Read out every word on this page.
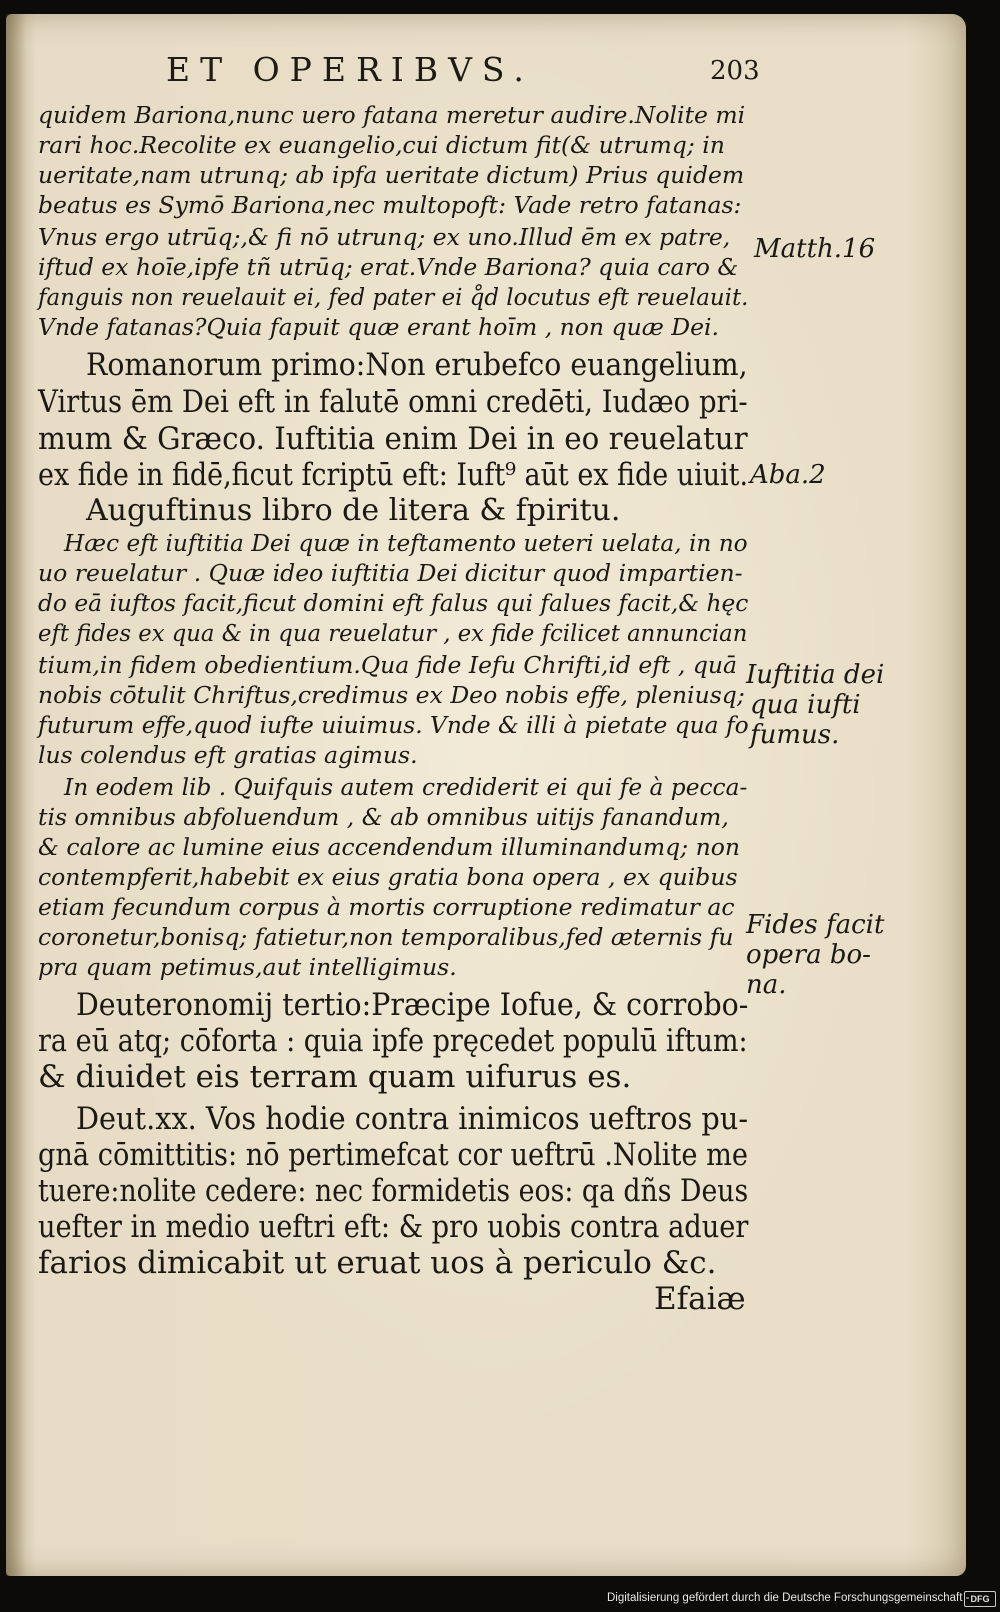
ET OPERIBVS.	203
quidem Bariona,nunc uero fatana meretur audire.Nolite mi
rari hoc.Recolite ex euangelio,cui dictum fit(& utrumq; in
ueritate,nam utrunq; ab ipfa ueritate dictum) Prius quidem
beatus es Symō Bariona,nec multopoft: Vade retro fatanas:
Vnus ergo utrūq;,& fi nō utrunq; ex uno.Illud ēm ex patre,
iftud ex hoīe,ipfe tñ utrūq; erat.Vnde Bariona? quia caro &
fanguis non reuelauit ei, fed pater ei q̊d locutus eft reuelauit.
Vnde fatanas?Quia fapuit quæ erant hoīm , non quæ Dei.
Romanorum primo:Non erubefco euangelium,
Virtus ēm Dei eft in falutē omni credēti, Iudæo pri-
mum & Græco. Iuftitia enim Dei in eo reuelatur
ex fide in fidē,ficut fcriptū eft: Iuft⁹ aūt ex fide uiuit.
Auguftinus libro de litera & fpiritu.
Hæc eft iuftitia Dei quæ in teftamento ueteri uelata, in no
uo reuelatur . Quæ ideo iuftitia Dei dicitur quod impartien-
do eā iuftos facit,ficut domini eft falus qui falues facit,& hęc
eft fides ex qua & in qua reuelatur , ex fide fcilicet annuncian
tium,in fidem obedientium.Qua fide Iefu Chrifti,id eft , quā
nobis cōtulit Chriftus,credimus ex Deo nobis effe, pleniusq;
futurum effe,quod iufte uiuimus. Vnde & illi à pietate qua fo
lus colendus eft gratias agimus.
In eodem lib . Quifquis autem crediderit ei qui fe à pecca-
tis omnibus abfoluendum , & ab omnibus uitijs fanandum,
& calore ac lumine eius accendendum illuminandumq; non
contempferit,habebit ex eius gratia bona opera , ex quibus
etiam fecundum corpus à mortis corruptione redimatur ac
coronetur,bonisq; fatietur,non temporalibus,fed æternis fu
pra quam petimus,aut intelligimus.
Deuteronomij tertio:Præcipe Iofue, & corrobo-
ra eū atq; cōforta : quia ipfe pręcedet populū iftum:
& diuidet eis terram quam uifurus es.
Deut.xx. Vos hodie contra inimicos ueftros pu-
gnā cōmittitis: nō pertimefcat cor ueftrū .Nolite me
tuere:nolite cedere: nec formidetis eos: qa dñs Deus
uefter in medio ueftri eft: & pro uobis contra aduer
farios dimicabit ut eruat uos à periculo &c.
Efaiæ
Matth.16
Aba.2
Iuftitia dei
qua iufti
fumus.
Fides facit
opera bo-
na.
Digitalisierung gefördert durch die Deutsche Forschungsgemeinschaft - DFG
